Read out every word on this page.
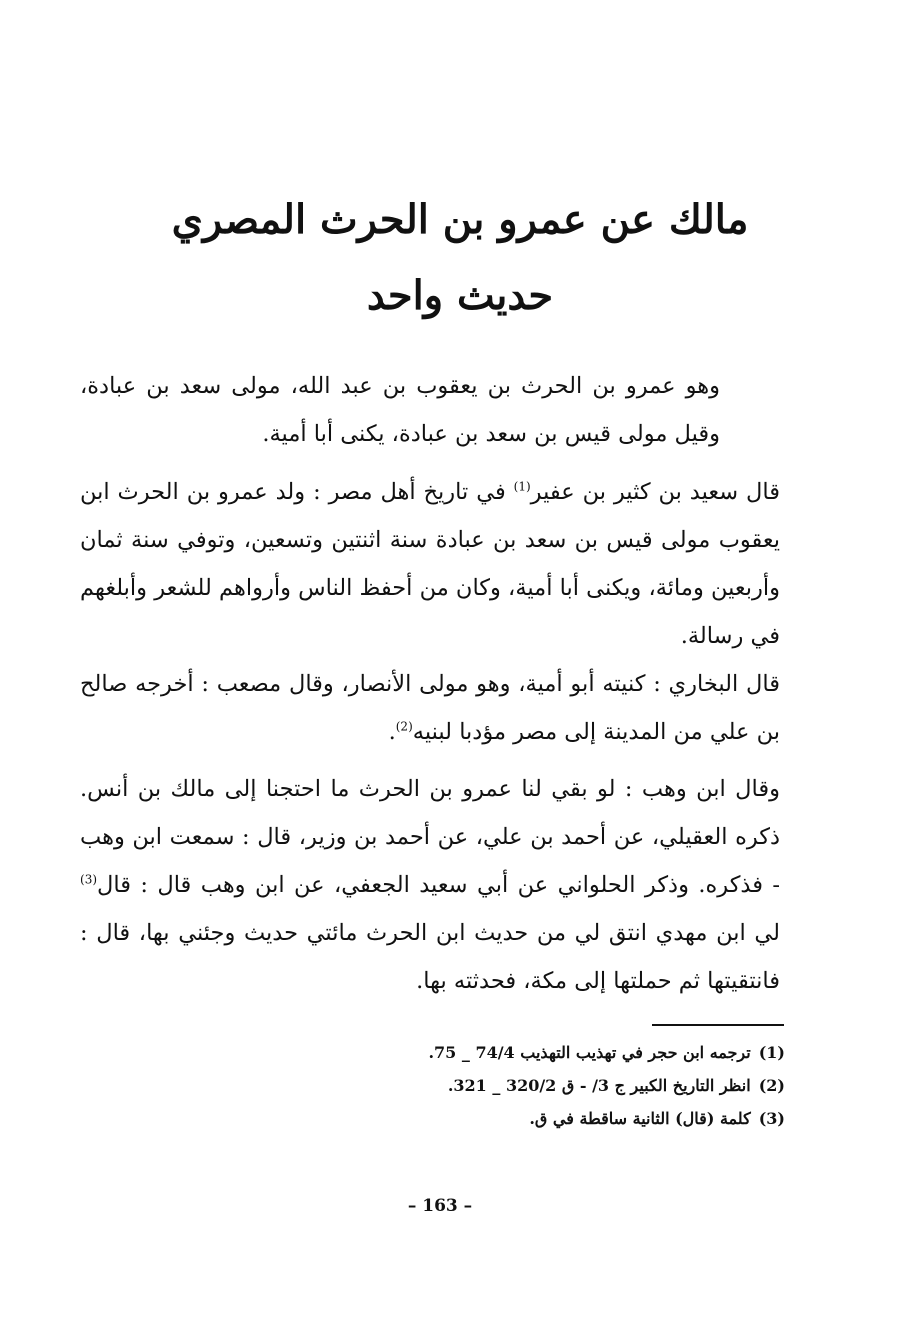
مالك عن عمرو بن الحرث المصري
حديث واحد
وهو عمرو بن الحرث بن يعقوب بن عبد الله، مولى سعد بن عبادة، وقيل مولى قيس بن سعد بن عبادة، يكنى أبا أمية.
قال سعيد بن كثير بن عفير$^{(1)}$ في تاريخ أهل مصر : ولد عمرو بن الحرث ابن يعقوب مولى قيس بن سعد بن عبادة سنة اثنتين وتسعين، وتوفي سنة ثمان وأربعين ومائة، ويكنى أبا أمية، وكان من أحفظ الناس وأرواهم للشعر وأبلغهم في رسالة.
قال البخاري : كنيته أبو أمية، وهو مولى الأنصار، وقال مصعب : أخرجه صالح بن علي من المدينة إلى مصر مؤدبا لبنيه$^{(2)}$.
وقال ابن وهب : لو بقي لنا عمرو بن الحرث ما احتجنا إلى مالك بن أنس. ذكره العقيلي، عن أحمد بن علي، عن أحمد بن وزير، قال : سمعت ابن وهب - فذكره. وذكر الحلواني عن أبي سعيد الجعفي، عن ابن وهب قال : قال$^{(3)}$ لي ابن مهدي انتق لي من حديث ابن الحرث مائتي حديث وجئني بها، قال : فانتقيتها ثم حملتها إلى مكة، فحدثته بها.
(1)ترجمه ابن حجر في تهذيب التهذيب 74/4 _ 75.
(2)انظر التاريخ الكبير ج 3/ - ق 320/2 _ 321.
(3)كلمة (قال) الثانية ساقطة في ق.
– 163 –
